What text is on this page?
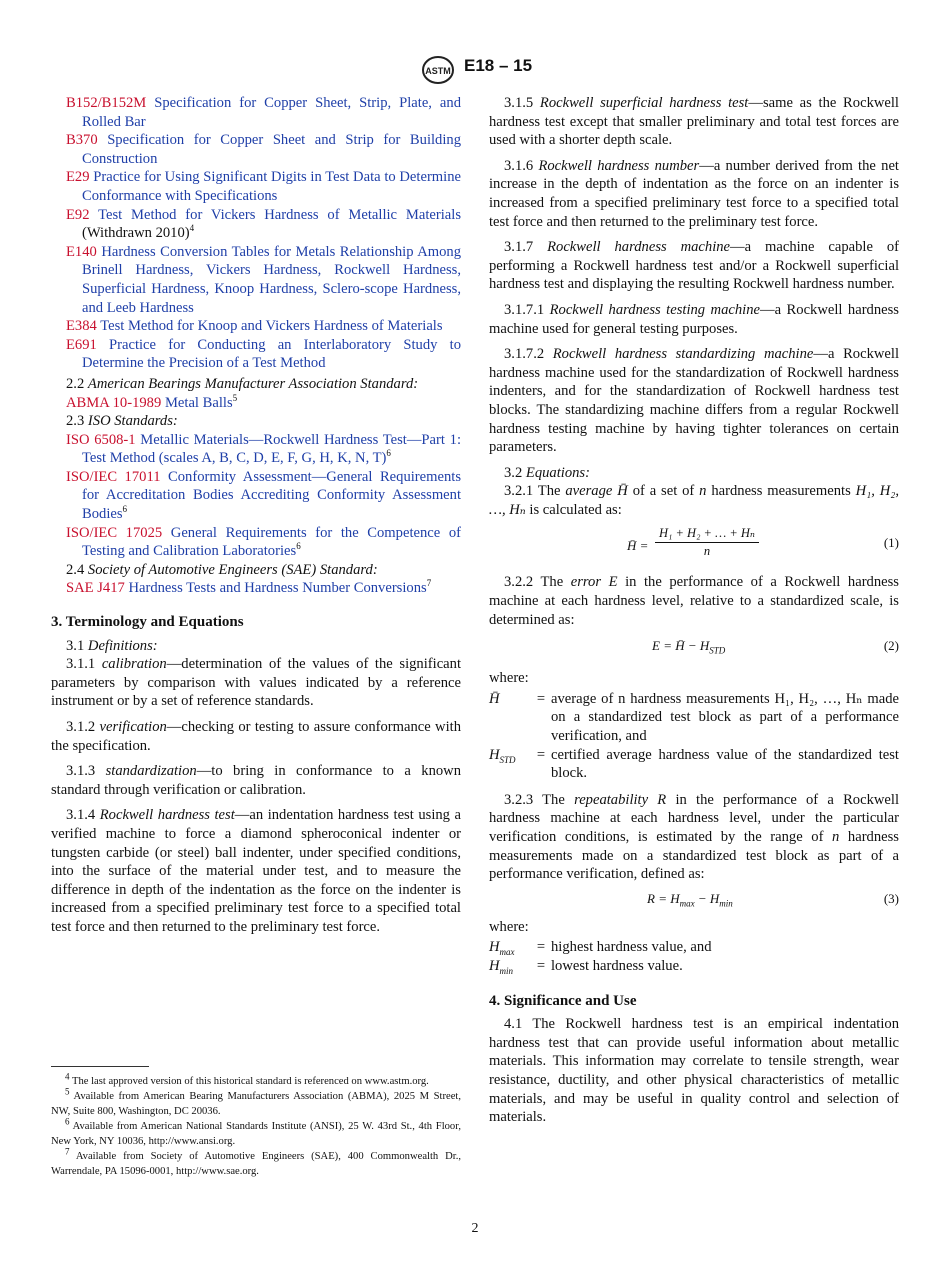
ASTM E18 – 15

B152/B152M Specification for Copper Sheet, Strip, Plate, and Rolled Bar

B370 Specification for Copper Sheet and Strip for Building Construction

E29 Practice for Using Significant Digits in Test Data to Determine Conformance with Specifications

E92 Test Method for Vickers Hardness of Metallic Materials (Withdrawn 2010)$^4$

E140 Hardness Conversion Tables for Metals Relationship Among Brinell Hardness, Vickers Hardness, Rockwell Hardness, Superficial Hardness, Knoop Hardness, Sclero-scope Hardness, and Leeb Hardness

E384 Test Method for Knoop and Vickers Hardness of Materials

E691 Practice for Conducting an Interlaboratory Study to Determine the Precision of a Test Method

2.2 American Bearings Manufacturer Association Standard:

ABMA 10-1989 Metal Balls$^5$

2.3 ISO Standards:

ISO 6508-1 Metallic Materials—Rockwell Hardness Test—Part 1: Test Method (scales A, B, C, D, E, F, G, H, K, N, T)$^6$

ISO/IEC 17011 Conformity Assessment—General Requirements for Accreditation Bodies Accrediting Conformity Assessment Bodies$^6$

ISO/IEC 17025 General Requirements for the Competence of Testing and Calibration Laboratories$^6$

2.4 Society of Automotive Engineers (SAE) Standard:

SAE J417 Hardness Tests and Hardness Number Conversions$^7$

3. Terminology and Equations

3.1 Definitions:

3.1.1 calibration—determination of the values of the significant parameters by comparison with values indicated by a reference instrument or by a set of reference standards.

3.1.2 verification—checking or testing to assure conformance with the specification.

3.1.3 standardization—to bring in conformance to a known standard through verification or calibration.

3.1.4 Rockwell hardness test—an indentation hardness test using a verified machine to force a diamond spheroconical indenter or tungsten carbide (or steel) ball indenter, under specified conditions, into the surface of the material under test, and to measure the difference in depth of the indentation as the force on the indenter is increased from a specified preliminary test force to a specified total test force and then returned to the preliminary test force.

$^4$ The last approved version of this historical standard is referenced on www.astm.org.

$^5$ Available from American Bearing Manufacturers Association (ABMA), 2025 M Street, NW, Suite 800, Washington, DC 20036.

$^6$ Available from American National Standards Institute (ANSI), 25 W. 43rd St., 4th Floor, New York, NY 10036, http://www.ansi.org.

$^7$ Available from Society of Automotive Engineers (SAE), 400 Commonwealth Dr., Warrendale, PA 15096-0001, http://www.sae.org.

3.1.5 Rockwell superficial hardness test—same as the Rockwell hardness test except that smaller preliminary and total test forces are used with a shorter depth scale.

3.1.6 Rockwell hardness number—a number derived from the net increase in the depth of indentation as the force on an indenter is increased from a specified preliminary test force to a specified total test force and then returned to the preliminary test force.

3.1.7 Rockwell hardness machine—a machine capable of performing a Rockwell hardness test and/or a Rockwell superficial hardness test and displaying the resulting Rockwell hardness number.

3.1.7.1 Rockwell hardness testing machine—a Rockwell hardness machine used for general testing purposes.

3.1.7.2 Rockwell hardness standardizing machine—a Rockwell hardness machine used for the standardization of Rockwell hardness indenters, and for the standardization of Rockwell hardness test blocks. The standardizing machine differs from a regular Rockwell hardness testing machine by having tighter tolerances on certain parameters.

3.2 Equations:

3.2.1 The average H̄ of a set of n hardness measurements H₁, H₂, …, Hₙ is calculated as:

H̄ =
H₁ + H₂ + … + Hₙ
n
(1)

3.2.2 The error E in the performance of a Rockwell hardness machine at each hardness level, relative to a standardized scale, is determined as:

E = H̄ − $H_{STD}$	(2)

where:

H̄	= average of n hardness measurements H₁, H₂, …, Hₙ made on a standardized test block as part of a performance verification, and
$H_{STD}$	= certified average hardness value of the standardized test block.

3.2.3 The repeatability R in the performance of a Rockwell hardness machine at each hardness level, under the particular verification conditions, is estimated by the range of n hardness measurements made on a standardized test block as part of a performance verification, defined as:

$R = H_{max} - H_{min}$	(3)

where:

$H_{max}$	= highest hardness value, and
$H_{min}$	= lowest hardness value.
4. Significance and Use

4.1 The Rockwell hardness test is an empirical indentation hardness test that can provide useful information about metallic materials. This information may correlate to tensile strength, wear resistance, ductility, and other physical characteristics of metallic materials, and may be useful in quality control and selection of materials.

2
